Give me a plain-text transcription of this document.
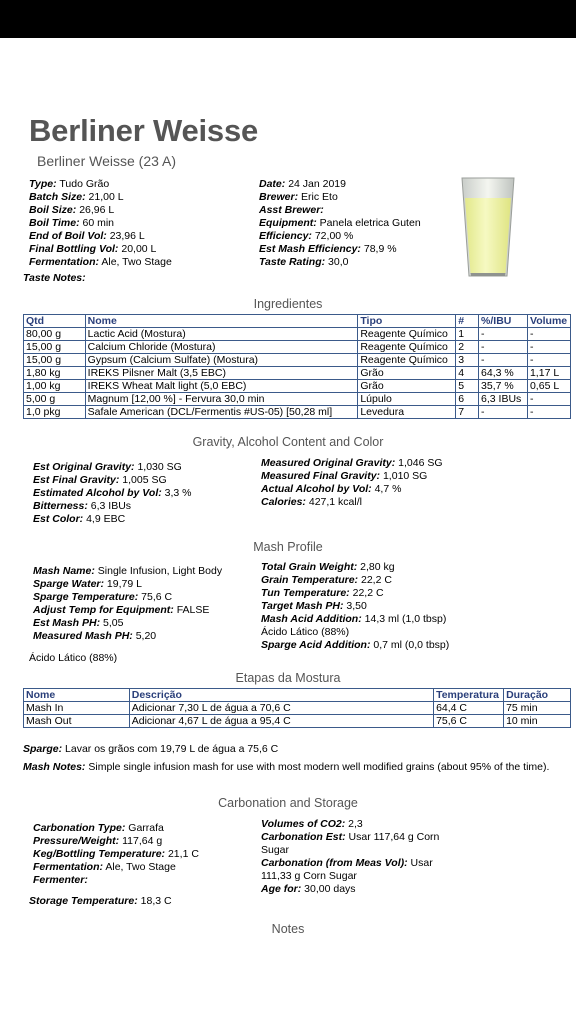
Berliner Weisse
Berliner Weisse (23 A)
Type: Tudo Grão
Batch Size: 21,00 L
Boil Size: 26,96 L
Boil Time: 60 min
End of Boil Vol: 23,96 L
Final Bottling Vol: 20,00 L
Fermentation: Ale, Two Stage
Taste Notes:
Date: 24 Jan 2019
Brewer: Eric Eto
Asst Brewer:
Equipment: Panela eletrica Guten
Efficiency: 72,00 %
Est Mash Efficiency: 78,9 %
Taste Rating: 30,0
Ingredientes
Qtd	Nome	Tipo	#	%/IBU	Volume
80,00 g	Lactic Acid (Mostura)	Reagente Químico	1	-	-
15,00 g	Calcium Chloride (Mostura)	Reagente Químico	2	-	-
15,00 g	Gypsum (Calcium Sulfate) (Mostura)	Reagente Químico	3	-	-
1,80 kg	IREKS Pilsner Malt (3,5 EBC)	Grão	4	64,3 %	1,17 L
1,00 kg	IREKS Wheat Malt light (5,0 EBC)	Grão	5	35,7 %	0,65 L
5,00 g	Magnum [12,00 %] - Fervura 30,0 min	Lúpulo	6	6,3 IBUs	-
1,0 pkg	Safale American (DCL/Fermentis #US-05) [50,28 ml]	Levedura	7	-	-
Gravity, Alcohol Content and Color
Est Original Gravity: 1,030 SG
Est Final Gravity: 1,005 SG
Estimated Alcohol by Vol: 3,3 %
Bitterness: 6,3 IBUs
Est Color: 4,9 EBC
Measured Original Gravity: 1,046 SG
Measured Final Gravity: 1,010 SG
Actual Alcohol by Vol: 4,7 %
Calories: 427,1 kcal/l
Mash Profile
Mash Name: Single Infusion, Light Body
Sparge Water: 19,79 L
Sparge Temperature: 75,6 C
Adjust Temp for Equipment: FALSE
Est Mash PH: 5,05
Measured Mash PH: 5,20
Total Grain Weight: 2,80 kg
Grain Temperature: 22,2 C
Tun Temperature: 22,2 C
Target Mash PH: 3,50
Mash Acid Addition: 14,3 ml (1,0 tbsp)
Ácido Lático (88%)
Sparge Acid Addition: 0,7 ml (0,0 tbsp)
Ácido Lático (88%)
Etapas da Mostura
Nome	Descrição	Temperatura	Duração
Mash In	Adicionar 7,30 L de água a 70,6 C	64,4 C	75 min
Mash Out	Adicionar 4,67 L de água a 95,4 C	75,6 C	10 min
Sparge: Lavar os grãos com 19,79 L de água a 75,6 C
Mash Notes: Simple single infusion mash for use with most modern well modified grains (about 95% of the time).
Carbonation and Storage
Carbonation Type: Garrafa
Pressure/Weight: 117,64 g
Keg/Bottling Temperature: 21,1 C
Fermentation: Ale, Two Stage
Fermenter:
Storage Temperature: 18,3 C
Volumes of CO2: 2,3
Carbonation Est: Usar 117,64 g Corn
Sugar
Carbonation (from Meas Vol): Usar
111,33 g Corn Sugar
Age for: 30,00 days
Notes
